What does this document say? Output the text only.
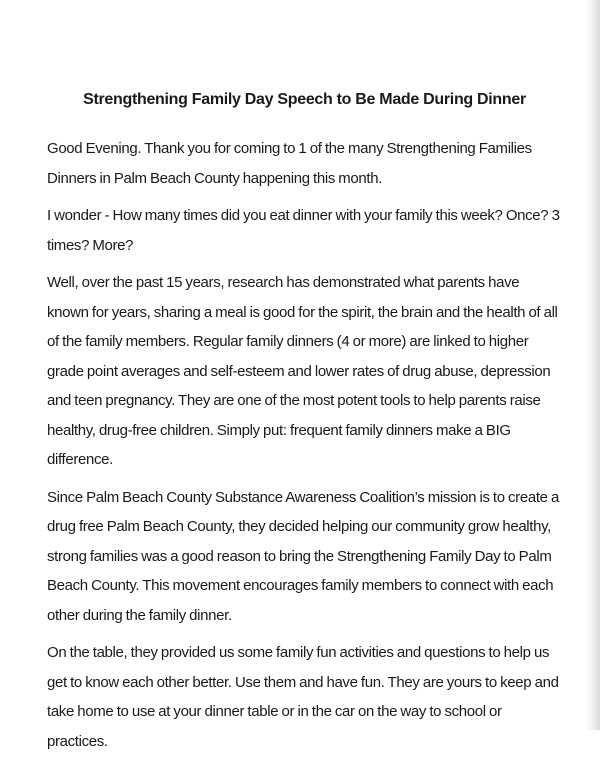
Strengthening Family Day Speech to Be Made During Dinner

Good Evening. Thank you for coming to 1 of the many Strengthening Families Dinners in Palm Beach County happening this month.

I wonder - How many times did you eat dinner with your family this week? Once? 3 times? More?

Well, over the past 15 years, research has demonstrated what parents have known for years, sharing a meal is good for the spirit, the brain and the health of all of the family members. Regular family dinners (4 or more) are linked to higher grade point averages and self-esteem and lower rates of drug abuse, depression and teen pregnancy. They are one of the most potent tools to help parents raise healthy, drug-free children. Simply put: frequent family dinners make a BIG difference.

Since Palm Beach County Substance Awareness Coalition’s mission is to create a drug free Palm Beach County, they decided helping our community grow healthy, strong families was a good reason to bring the Strengthening Family Day to Palm Beach County. This movement encourages family members to connect with each other during the family dinner.

On the table, they provided us some family fun activities and questions to help us get to know each other better. Use them and have fun. They are yours to keep and take home to use at your dinner table or in the car on the way to school or practices.
